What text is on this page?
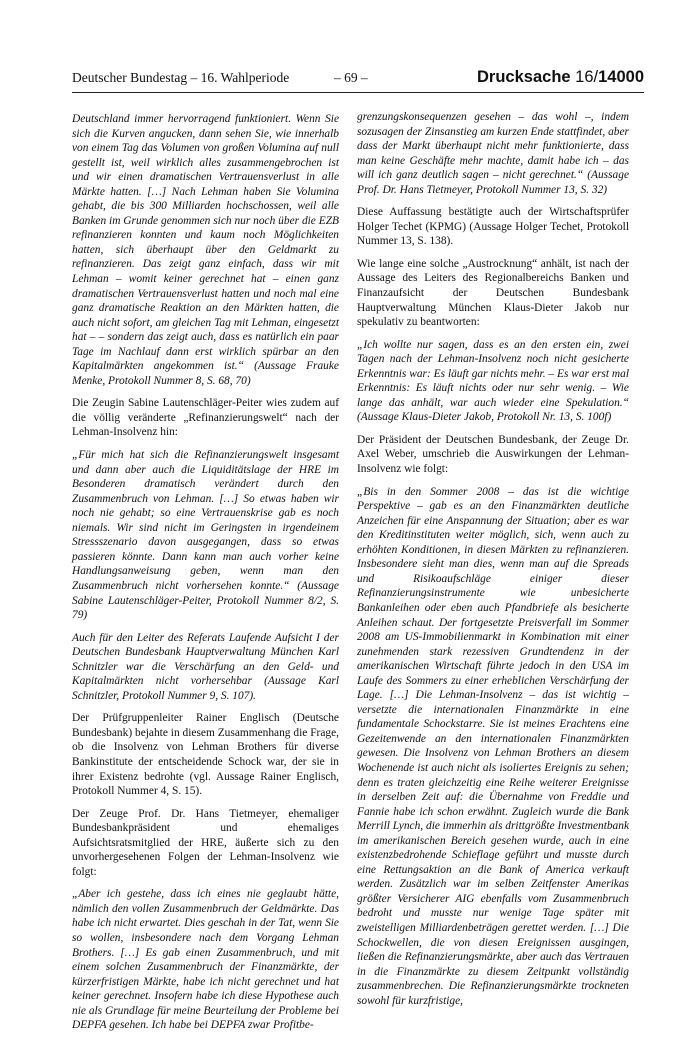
Deutscher Bundestag – 16. Wahlperiode	– 69 –	Drucksache 16/14000

Deutschland immer hervorragend funktioniert. Wenn Sie sich die Kurven angucken, dann sehen Sie, wie innerhalb von einem Tag das Volumen von großen Volumina auf null gestellt ist, weil wirklich alles zusammengebrochen ist und wir einen dramatischen Vertrauensverlust in alle Märkte hatten. […] Nach Lehman haben Sie Volumina gehabt, die bis 300 Milliarden hochschossen, weil alle Banken im Grunde genommen sich nur noch über die EZB refinanzieren konnten und kaum noch Möglichkeiten hatten, sich überhaupt über den Geldmarkt zu refinanzieren. Das zeigt ganz einfach, dass wir mit Lehman – womit keiner gerechnet hat – einen ganz dramatischen Vertrauensverlust hatten und noch mal eine ganz dramatische Reaktion an den Märkten hatten, die auch nicht sofort, am gleichen Tag mit Lehman, eingesetzt hat – – sondern das zeigt auch, dass es natürlich ein paar Tage im Nachlauf dann erst wirklich spürbar an den Kapitalmärkten angekommen ist.“ (Aussage Frauke Menke, Protokoll Nummer 8, S. 68, 70)

Die Zeugin Sabine Lautenschläger-Peiter wies zudem auf die völlig veränderte „Refinanzierungswelt“ nach der Lehman-Insolvenz hin:

„Für mich hat sich die Refinanzierungswelt insgesamt und dann aber auch die Liquiditätslage der HRE im Besonderen dramatisch verändert durch den Zusammenbruch von Lehman. […] So etwas haben wir noch nie gehabt; so eine Vertrauenskrise gab es noch niemals. Wir sind nicht im Geringsten in irgendeinem Stressszenario davon ausgegangen, dass so etwas passieren könnte. Dann kann man auch vorher keine Handlungsanweisung geben, wenn man den Zusammenbruch nicht vorhersehen konnte.“ (Aussage Sabine Lautenschläger-Peiter, Protokoll Nummer 8/2, S. 79)

Auch für den Leiter des Referats Laufende Aufsicht I der Deutschen Bundesbank Hauptverwaltung München Karl Schnitzler war die Verschärfung an den Geld- und Kapitalmärkten nicht vorhersehbar (Aussage Karl Schnitzler, Protokoll Nummer 9, S. 107).

Der Prüfgruppenleiter Rainer Englisch (Deutsche Bundesbank) bejahte in diesem Zusammenhang die Frage, ob die Insolvenz von Lehman Brothers für diverse Bankinstitute der entscheidende Schock war, der sie in ihrer Existenz bedrohte (vgl. Aussage Rainer Englisch, Protokoll Nummer 4, S. 15).

Der Zeuge Prof. Dr. Hans Tietmeyer, ehemaliger Bundesbankpräsident und ehemaliges Aufsichtsratsmitglied der HRE, äußerte sich zu den unvorhergesehenen Folgen der Lehman-Insolvenz wie folgt:

„Aber ich gestehe, dass ich eines nie geglaubt hätte, nämlich den vollen Zusammenbruch der Geldmärkte. Das habe ich nicht erwartet. Dies geschah in der Tat, wenn Sie so wollen, insbesondere nach dem Vorgang Lehman Brothers. […] Es gab einen Zusammenbruch, und mit einem solchen Zusammenbruch der Finanzmärkte, der kürzerfristigen Märkte, habe ich nicht gerechnet und hat keiner gerechnet. Insofern habe ich diese Hypothese auch nie als Grundlage für meine Beurteilung der Probleme bei DEPFA gesehen. Ich habe bei DEPFA zwar Profitbe-

grenzungskonsequenzen gesehen – das wohl –, indem sozusagen der Zinsanstieg am kurzen Ende stattfindet, aber dass der Markt überhaupt nicht mehr funktionierte, dass man keine Geschäfte mehr machte, damit habe ich – das will ich ganz deutlich sagen – nicht gerechnet.“ (Aussage Prof. Dr. Hans Tietmeyer, Protokoll Nummer 13, S. 32)

Diese Auffassung bestätigte auch der Wirtschaftsprüfer Holger Techet (KPMG) (Aussage Holger Techet, Protokoll Nummer 13, S. 138).

Wie lange eine solche „Austrocknung“ anhält, ist nach der Aussage des Leiters des Regionalbereichs Banken und Finanzaufsicht der Deutschen Bundesbank Hauptverwaltung München Klaus-Dieter Jakob nur spekulativ zu beantworten:

„Ich wollte nur sagen, dass es an den ersten ein, zwei Tagen nach der Lehman-Insolvenz noch nicht gesicherte Erkenntnis war: Es läuft gar nichts mehr. – Es war erst mal Erkenntnis: Es läuft nichts oder nur sehr wenig. – Wie lange das anhält, war auch wieder eine Spekulation.“ (Aussage Klaus-Dieter Jakob, Protokoll Nr. 13, S. 100f)

Der Präsident der Deutschen Bundesbank, der Zeuge Dr. Axel Weber, umschrieb die Auswirkungen der Lehman-Insolvenz wie folgt:

„Bis in den Sommer 2008 – das ist die wichtige Perspektive – gab es an den Finanzmärkten deutliche Anzeichen für eine Anspannung der Situation; aber es war den Kreditinstituten weiter möglich, sich, wenn auch zu erhöhten Konditionen, in diesen Märkten zu refinanzieren. Insbesondere sieht man dies, wenn man auf die Spreads und Risikoaufschläge einiger dieser Refinanzierungsinstrumente wie unbesicherte Bankanleihen oder eben auch Pfandbriefe als besicherte Anleihen schaut. Der fortgesetzte Preisverfall im Sommer 2008 am US-Immobilienmarkt in Kombination mit einer zunehmenden stark rezessiven Grundtendenz in der amerikanischen Wirtschaft führte jedoch in den USA im Laufe des Sommers zu einer erheblichen Verschärfung der Lage. […] Die Lehman-Insolvenz – das ist wichtig – versetzte die internationalen Finanzmärkte in eine fundamentale Schockstarre. Sie ist meines Erachtens eine Gezeitenwende an den internationalen Finanzmärkten gewesen. Die Insolvenz von Lehman Brothers an diesem Wochenende ist auch nicht als isoliertes Ereignis zu sehen; denn es traten gleichzeitig eine Reihe weiterer Ereignisse in derselben Zeit auf: die Übernahme von Freddie und Fannie habe ich schon erwähnt. Zugleich wurde die Bank Merrill Lynch, die immerhin als drittgrößte Investmentbank im amerikanischen Bereich gesehen wurde, auch in eine existenzbedrohende Schieflage geführt und musste durch eine Rettungsaktion an die Bank of America verkauft werden. Zusätzlich war im selben Zeitfenster Amerikas größter Versicherer AIG ebenfalls vom Zusammenbruch bedroht und musste nur wenige Tage später mit zweistelligen Milliardenbeträgen gerettet werden. […] Die Schockwellen, die von diesen Ereignissen ausgingen, ließen die Refinanzierungsmärkte, aber auch das Vertrauen in die Finanzmärkte zu diesem Zeitpunkt vollständig zusammenbrechen. Die Refinanzierungsmärkte trockneten sowohl für kurzfristige,
